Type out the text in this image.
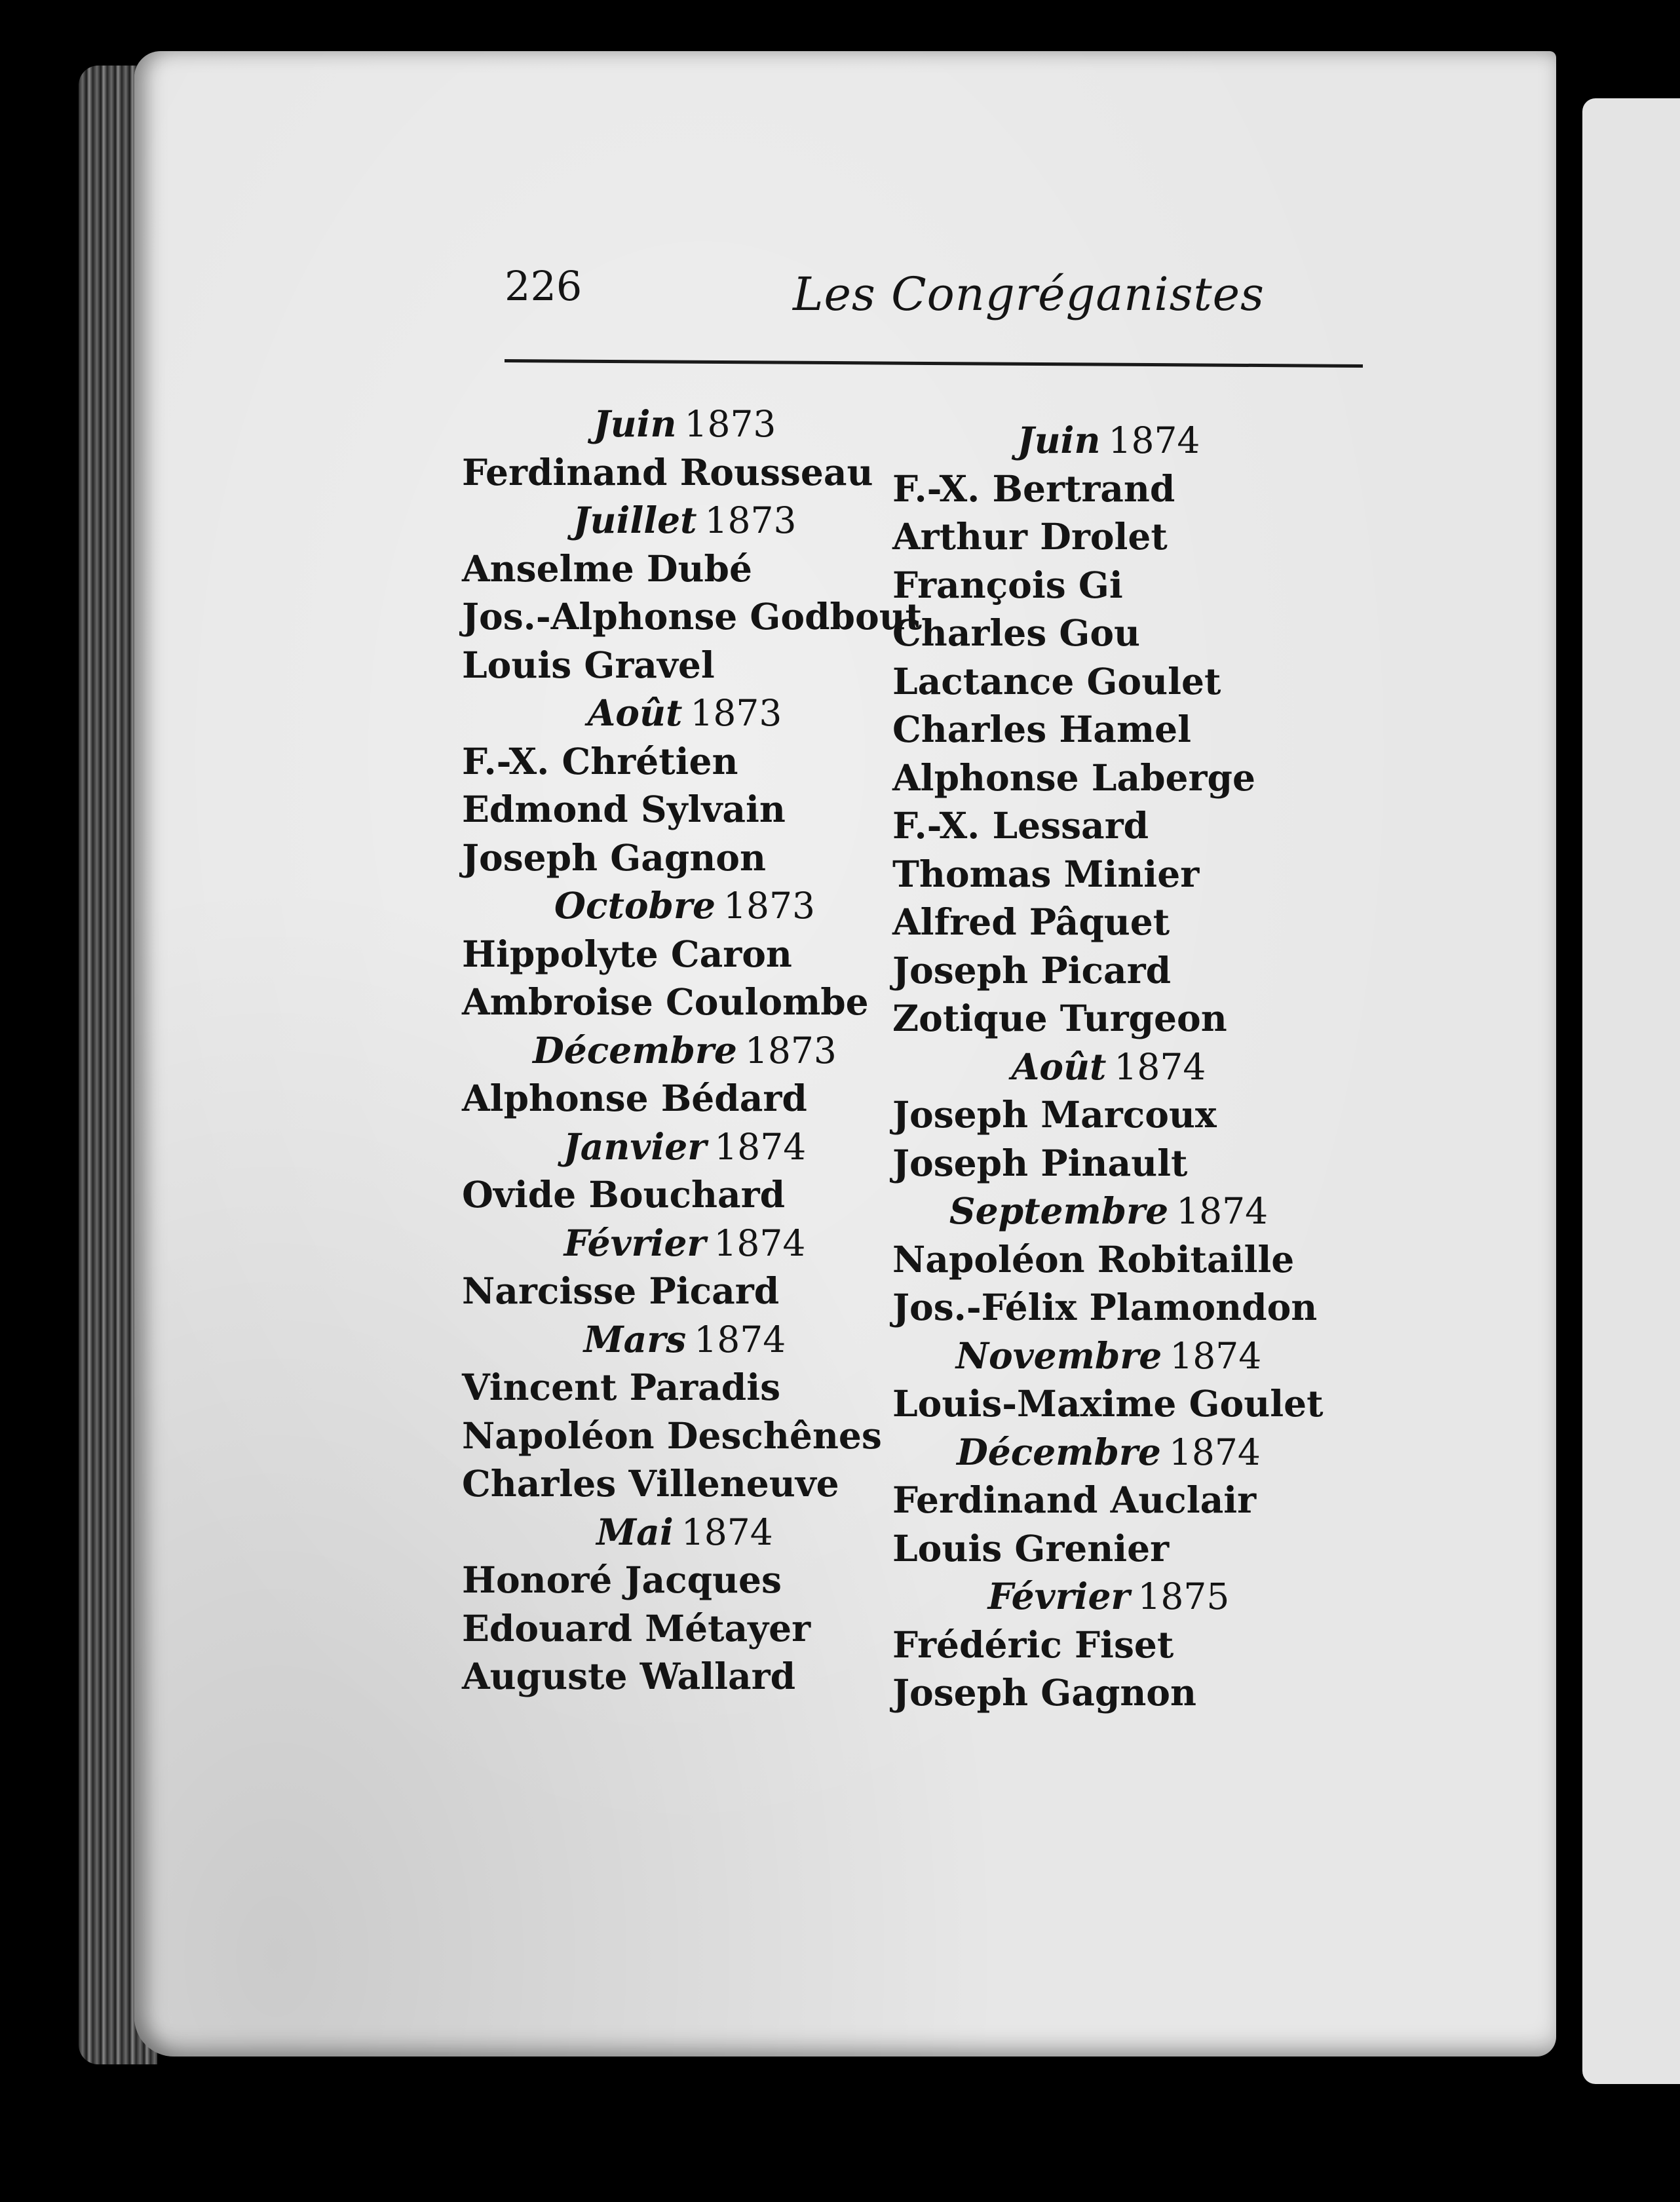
226	Les Congréganistes
Juin 1873
Ferdinand Rousseau
Juillet 1873
Anselme Dubé
Jos.-Alphonse Godbout
Louis Gravel
Août 1873
F.-X. Chrétien
Edmond Sylvain
Joseph Gagnon
Octobre 1873
Hippolyte Caron
Ambroise Coulombe
Décembre 1873
Alphonse Bédard
Janvier 1874
Ovide Bouchard
Février 1874
Narcisse Picard
Mars 1874
Vincent Paradis
Napoléon Deschênes
Charles Villeneuve
Mai 1874
Honoré Jacques
Edouard Métayer
Auguste Wallard
Juin 1874
F.-X. Bertrand
Arthur Drolet
François Gi
Charles Gou
Lactance Goulet
Charles Hamel
Alphonse Laberge
F.-X. Lessard
Thomas Minier
Alfred Pâquet
Joseph Picard
Zotique Turgeon
Août 1874
Joseph Marcoux
Joseph Pinault
Septembre 1874
Napoléon Robitaille
Jos.-Félix Plamondon
Novembre 1874
Louis-Maxime Goulet
Décembre 1874
Ferdinand Auclair
Louis Grenier
Février 1875
Frédéric Fiset
Joseph Gagnon
